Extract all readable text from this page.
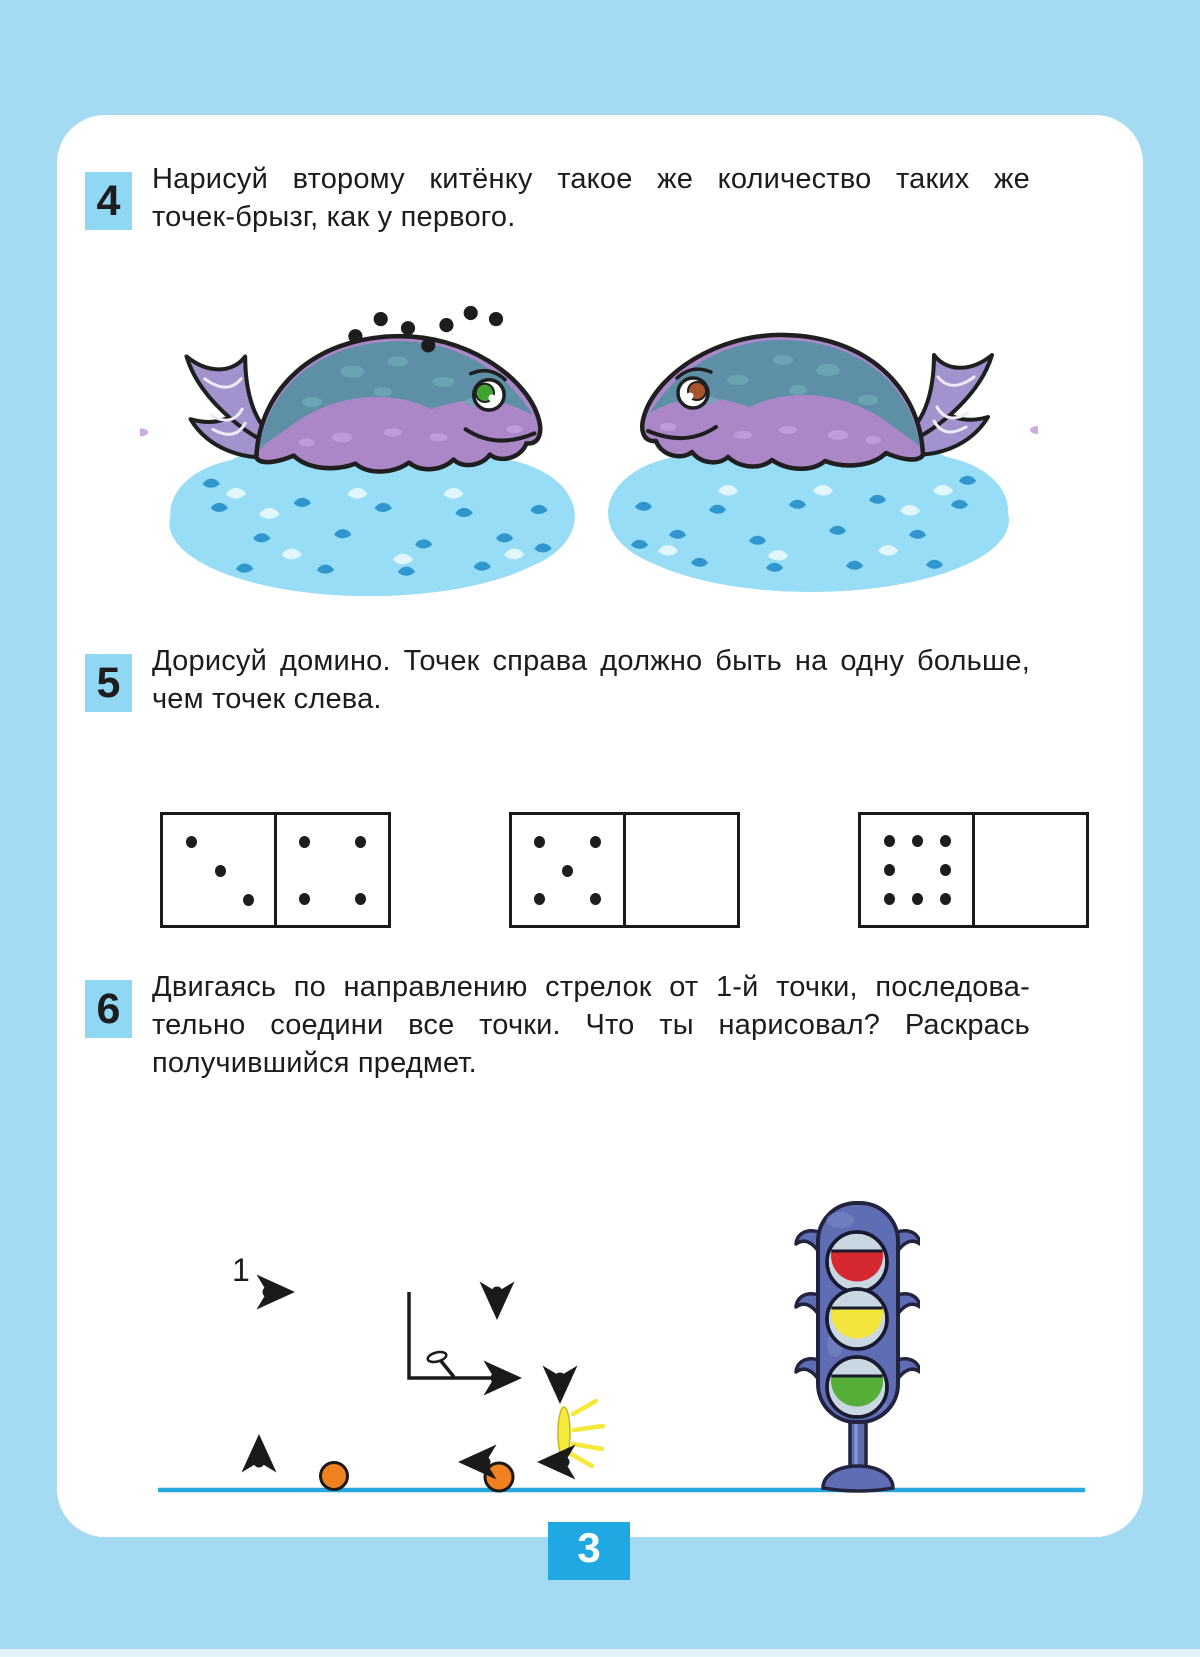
4 Нарисуй второму китёнку такое же количество таких же
точек-брызг, как у первого.
5 Дорисуй домино. Точек справа должно быть на одну больше,
чем точек слева.
6 Двигаясь по направлению стрелок от 1-й точки, последова-
тельно соедини все точки. Что ты нарисовал? Раскрась
получившийся предмет.
1
3
